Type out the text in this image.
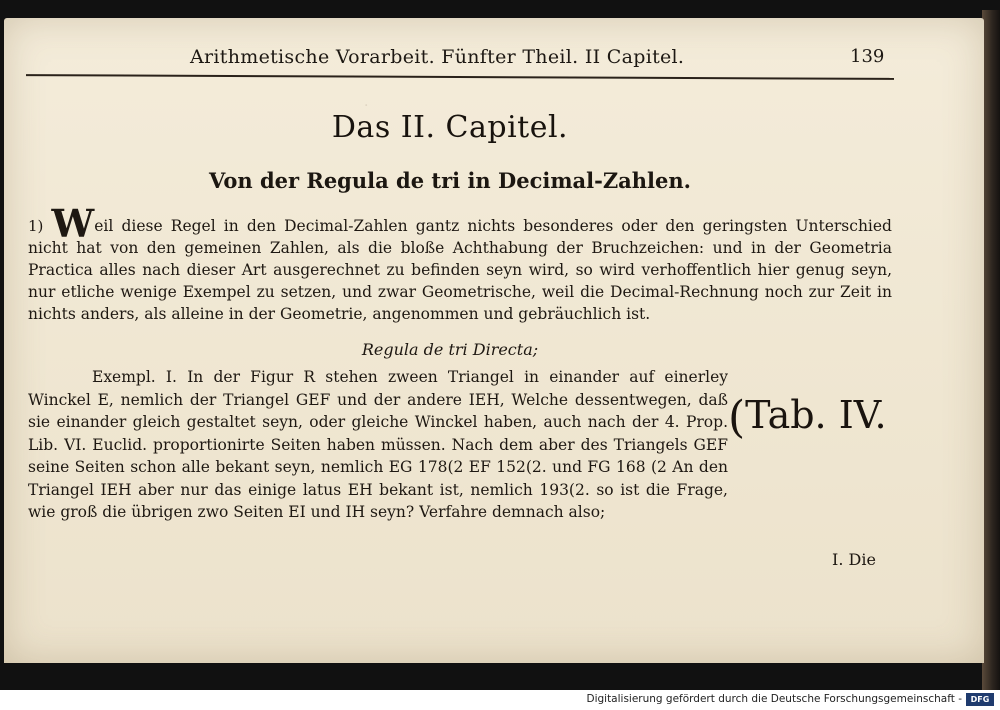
·
Arithmetische Vorarbeit. Fünfter Theil. II Capitel.	139
Das II. Capitel.
Von der Regula de tri in Decimal-Zahlen.
1) Weil diese Regel in den Decimal-Zahlen gantz nichts besonderes oder den geringsten Unterschied nicht hat von den gemeinen Zahlen, als die bloße Achthabung der Bruchzeichen: und in der Geometria Practica alles nach dieser Art ausgerechnet zu befinden seyn wird, so wird verhoffentlich hier genug seyn, nur etliche wenige Exempel zu setzen, und zwar Geometrische, weil die Decimal-Rechnung noch zur Zeit in nichts anders, als alleine in der Geometrie, angenommen und gebräuchlich ist.
Regula de tri Directa;
Exempl. I. In der Figur R stehen zween Triangel in einander auf einerley Winckel E, nemlich der Triangel GEF und der andere IEH, Welche dessentwegen, daß sie einander gleich gestaltet seyn, oder gleiche Winckel haben, auch nach der 4. Prop. Lib. VI. Euclid. proportionirte Seiten haben müssen. Nach dem aber des Triangels GEF seine Seiten schon alle bekant seyn, nemlich EG 178(2 EF 152(2. und FG 168 (2 An den Triangel IEH aber nur das einige latus EH bekant ist, nemlich 193(2. so ist die Frage, wie groß die übrigen zwo Seiten EI und IH seyn? Verfahre demnach also;
(Tab. IV.
I. Die
Digitalisierung gefördert durch die Deutsche Forschungsgemeinschaft -	DFG
